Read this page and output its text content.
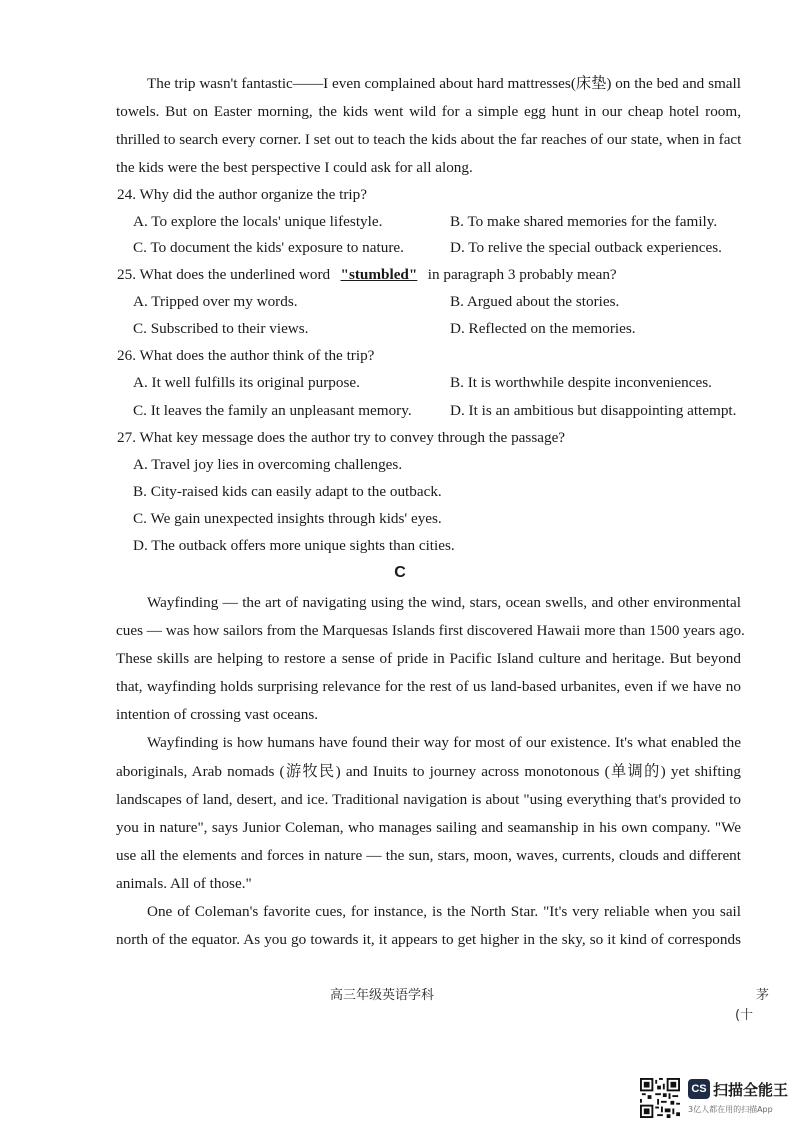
The trip wasn't fantastic——I even complained about hard mattresses(床垫) on the bed and small
towels. But on Easter morning, the kids went wild for a simple egg hunt in our cheap hotel room,
thrilled to search every corner. I set out to teach the kids about the far reaches of our state, when in fact
the kids were the best perspective I could ask for all along.
24. Why did the author organize the trip?
A. To explore the locals' unique lifestyle.	B. To make shared memories for the family.
C. To document the kids' exposure to nature.	D. To relive the special outback experiences.
25. What does the underlined word "stumbled" in paragraph 3 probably mean?
A. Tripped over my words.	B. Argued about the stories.
C. Subscribed to their views.	D. Reflected on the memories.
26. What does the author think of the trip?
A. It well fulfills its original purpose.	B. It is worthwhile despite inconveniences.
C. It leaves the family an unpleasant memory.	D. It is an ambitious but disappointing attempt.
27. What key message does the author try to convey through the passage?
A. Travel joy lies in overcoming challenges.
B. City-raised kids can easily adapt to the outback.
C. We gain unexpected insights through kids' eyes.
D. The outback offers more unique sights than cities.
C
Wayfinding — the art of navigating using the wind, stars, ocean swells, and other environmental
cues — was how sailors from the Marquesas Islands first discovered Hawaii more than 1500 years ago.
These skills are helping to restore a sense of pride in Pacific Island culture and heritage. But beyond
that, wayfinding holds surprising relevance for the rest of us land-based urbanites, even if we have no
intention of crossing vast oceans.
Wayfinding is how humans have found their way for most of our existence. It's what enabled the
aboriginals, Arab nomads (游牧民) and Inuits to journey across monotonous (单调的) yet shifting
landscapes of land, desert, and ice. Traditional navigation is about "using everything that's provided to
you in nature", says Junior Coleman, who manages sailing and seamanship in his own company. "We
use all the elements and forces in nature — the sun, stars, moon, waves, currents, clouds and different
animals. All of those."
One of Coleman's favorite cues, for instance, is the North Star. "It's very reliable when you sail
north of the equator. As you go towards it, it appears to get higher in the sky, so it kind of corresponds
高三年级英语学科	茅
(十
CS 扫描全能王
3亿人都在用的扫描App
